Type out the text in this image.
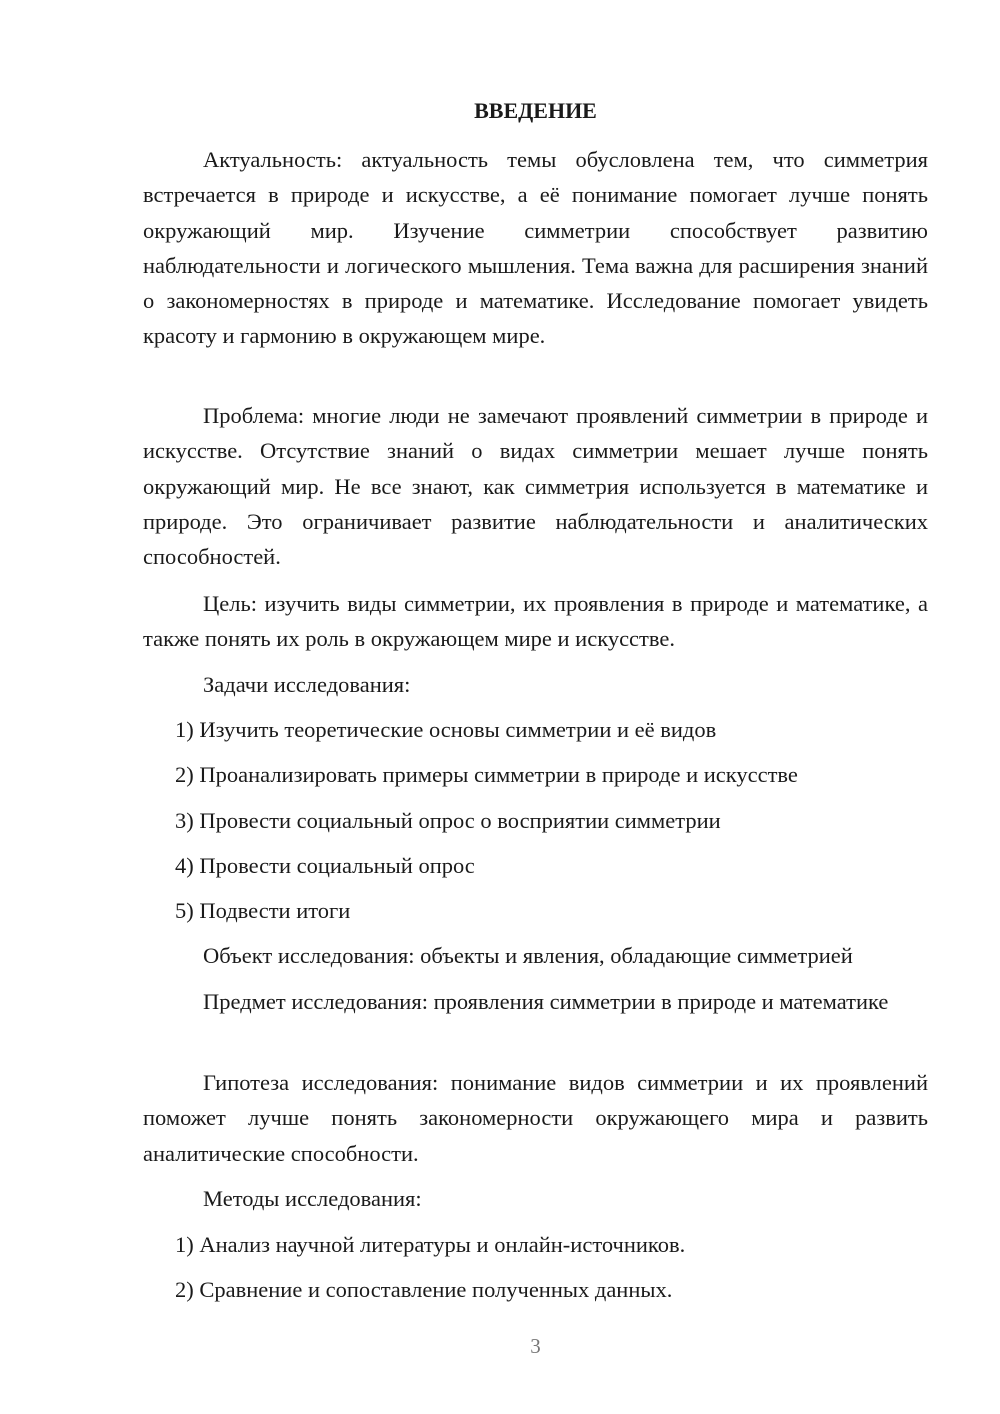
ВВЕДЕНИЕ

Актуальность: актуальность темы обусловлена тем, что симметрия встречается в природе и искусстве, а её понимание помогает лучше понять окружающий мир. Изучение симметрии способствует развитию наблюдательности и логического мышления. Тема важна для расширения знаний о закономерностях в природе и математике. Исследование помогает увидеть красоту и гармонию в окружающем мире.

Проблема: многие люди не замечают проявлений симметрии в природе и искусстве. Отсутствие знаний о видах симметрии мешает лучше понять окружающий мир. Не все знают, как симметрия используется в математике и природе. Это ограничивает развитие наблюдательности и аналитических способностей.

Цель: изучить виды симметрии, их проявления в природе и математике, а также понять их роль в окружающем мире и искусстве.

Задачи исследования:

1) Изучить теоретические основы симметрии и её видов

2) Проанализировать примеры симметрии в природе и искусстве

3) Провести социальный опрос о восприятии симметрии

4) Провести социальный опрос

5) Подвести итоги

Объект исследования: объекты и явления, обладающие симметрией

Предмет исследования: проявления симметрии в природе и математике

Гипотеза исследования: понимание видов симметрии и их проявлений поможет лучше понять закономерности окружающего мира и развить аналитические способности.

Методы исследования:

1) Анализ научной литературы и онлайн-источников.

2) Сравнение и сопоставление полученных данных.

3
